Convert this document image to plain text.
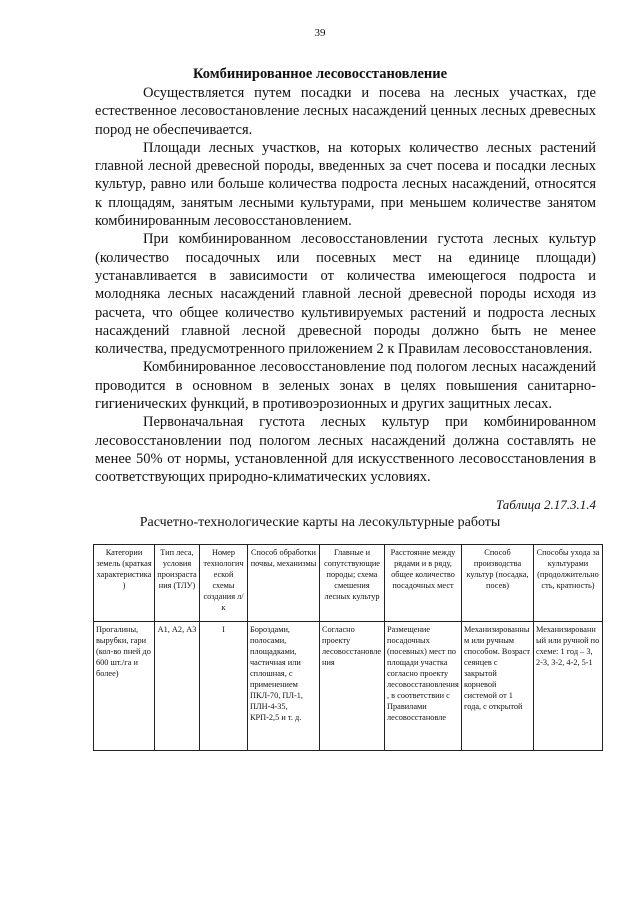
39
Комбинированное лесовосстановление

Осуществляется путем посадки и посева на лесных участках, где естественное лесовостановление лесных насаждений ценных лесных древесных пород не обеспечивается.

Площади лесных участков, на которых количество лесных растений главной лесной древесной породы, введенных за счет посева и посадки лесных культур, равно или больше количества подроста лесных насаждений, относятся к площадям, занятым лесными культурами, при меньшем количестве занятом комбинированным лесовосстановлением.

При комбинированном лесовосстановлении густота лесных культур (количество посадочных или посевных мест на единице площади) устанавливается в зависимости от количества имеющегося подроста и молодняка лесных насаждений главной лесной древесной породы исходя из расчета, что общее количество культивируемых растений и подроста лесных насаждений главной лесной древесной породы должно быть не менее количества, предусмотренного приложением 2 к Правилам лесовосстановления.

Комбинированное лесовосстановление под пологом лесных насаждений проводится в основном в зеленых зонах в целях повышения санитарно-гигиенических функций, в противоэрозионных и других защитных лесах.

Первоначальная густота лесных культур при комбинированном лесовосстановлении под пологом лесных насаждений должна составлять не менее 50% от нормы, установленной для искусственного лесовосстановления в соответствующих природно-климатических условиях.

Таблица 2.17.3.1.4
Расчетно-технологические карты на лесокультурные работы
Категории земель (краткая характеристика)	Тип леса, условия произрастания (ТЛУ)	Номер технологической схемы создания л/к	Способ обработки почвы, механизмы	Главные и сопутствующие породы; схема смешения лесных культур	Расстояние между рядами и в ряду, общее количество посадочных мест	Способ производства культур (посадка, посев)	Способы ухода за культурами (продолжительность, кратность)
Прогалины, вырубки, гари (кол-во пней до 600 шт./га и более)	А1, А2, А3	I	Бороздами, полосами, площадками, частичная или сплошная, с применением ПКЛ-70, ПЛ-1, ПЛН-4-35, КРП-2,5 и т. д.	Согласно проекту лесовосстановления	Размещение посадочных (посевных) мест по площади участка согласно проекту лесовосстановления, в соответствии с Правилами лесовосстановле	Механизированным или ручным способом. Возраст сеянцев с закрытой корневой системой от 1 года, с открытой	Механизированный или ручной по схеме: 1 год – 3, 2-3, 3-2, 4-2, 5-1
